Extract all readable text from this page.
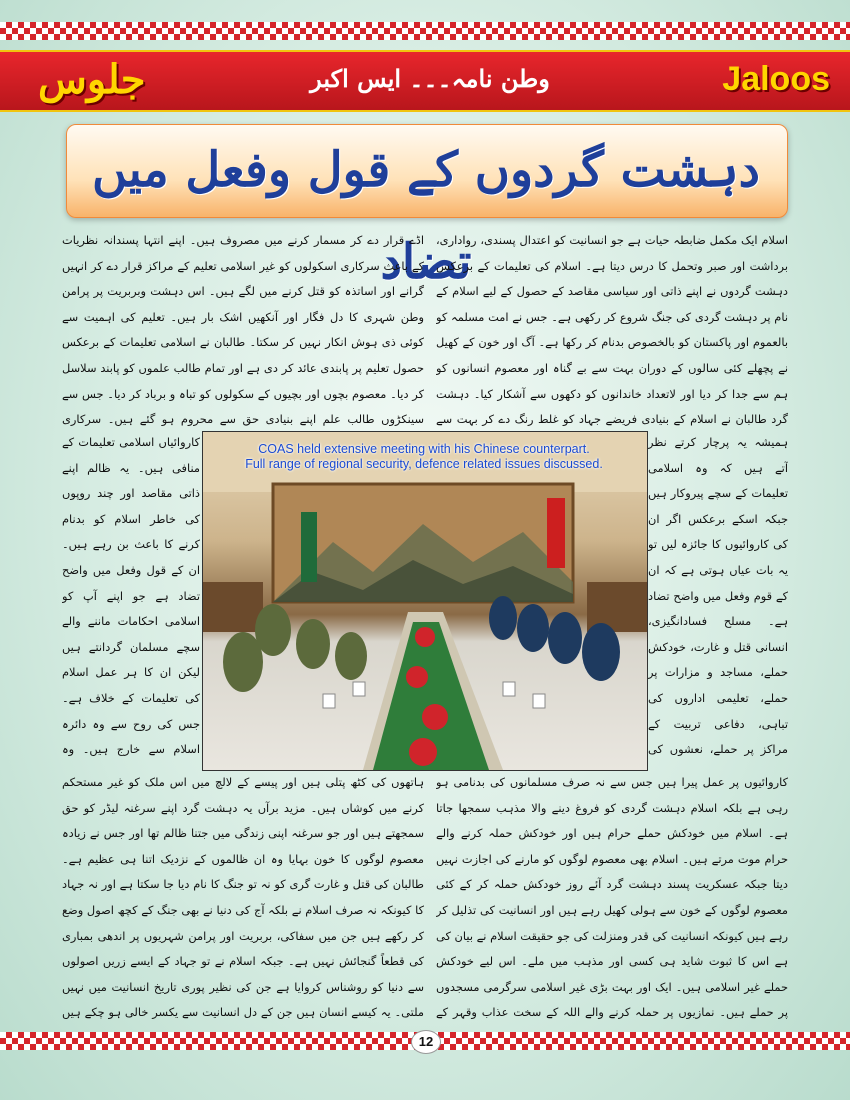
جلوس	وطن نامہ۔۔۔ ایس اکبر	Jaloos
دہشت گردوں کے قول وفعل میں تضاد	اسلام ایک مکمل ضابطہ حیات ہے جو انسانیت کو اعتدال پسندی، رواداری، برداشت اور صبر وتحمل کا درس دیتا ہے۔ اسلام کی تعلیمات کے برعکس دہشت گردوں نے اپنے ذاتی اور سیاسی مقاصد کے حصول کے لیے اسلام کے نام پر دہشت گردی کی جنگ شروع کر رکھی ہے۔ جس نے امت مسلمہ کو بالعموم اور پاکستان کو بالخصوص بدنام کر رکھا ہے۔ آگ اور خون کے کھیل نے پچھلے کئی سالوں کے دوران بہت سے بے گناہ اور معصوم انسانوں کو ہم سے جدا کر دیا اور لاتعداد خاندانوں کو دکھوں سے آشکار کیا۔ دہشت گرد طالبان نے اسلام کے بنیادی فریضے جہاد کو غلط رنگ دے کر بہت سے

ہمیشہ یہ پرچار کرتے نظر آتے ہیں کہ وہ اسلامی تعلیمات کے سچے پیروکار ہیں جبکہ اسکے برعکس اگر ان کی کاروائیوں کا جائزہ لیں تو یہ بات عیاں ہوتی ہے کہ ان کے قوم وفعل میں واضح تضاد ہے۔ مسلح فسادانگیزی، انسانی قتل و غارت، خودکش حملے، مساجد و مزارات پر حملے، تعلیمی اداروں کی تباہی، دفاعی تربیت کے مراکز پر حملے، نعشوں کی

کاروائیوں پر عمل پیرا ہیں جس سے نہ صرف مسلمانوں کی بدنامی ہو رہی ہے بلکہ اسلام دہشت گردی کو فروغ دینے والا مذہب سمجھا جاتا ہے۔ اسلام میں خودکش حملے حرام ہیں اور خودکش حملہ کرنے والے حرام موت مرتے ہیں۔ اسلام بھی معصوم لوگوں کو مارنے کی اجازت نہیں دیتا جبکہ عسکریت پسند دہشت گرد آئے روز خودکش حملہ کر کے کئی معصوم لوگوں کے خون سے ہولی کھیل رہے ہیں اور انسانیت کی تذلیل کر رہے ہیں کیونکہ انسانیت کی قدر ومنزلت کی جو حقیقت اسلام نے بیان کی ہے اس کا ثبوت شاید ہی کسی اور مذہب میں ملے۔ اس لیے خودکش حملے غیر اسلامی ہیں۔ ایک اور بہت بڑی غیر اسلامی سرگرمی مسجدوں پر حملے ہیں۔ نمازیوں پر حملہ کرنے والے اللہ کے سخت عذاب وقہر کے

اڈے قرار دے کر مسمار کرنے میں مصروف ہیں۔ اپنے انتہا پسندانہ نظریات کے باعث سرکاری اسکولوں کو غیر اسلامی تعلیم کے مراکز قرار دے کر انہیں گرانے اور اساتذہ کو قتل کرنے میں لگے ہیں۔ اس دہشت وبربریت پر پرامن وطن شہری کا دل فگار اور آنکھیں اشک بار ہیں۔ تعلیم کی اہمیت سے کوئی ذی ہوش انکار نہیں کر سکتا۔ طالبان نے اسلامی تعلیمات کے برعکس حصول تعلیم پر پابندی عائد کر دی ہے اور تمام طالب علموں کو پابند سلاسل کر دیا۔ معصوم بچوں اور بچیوں کے سکولوں کو تباہ و برباد کر دیا۔ جس سے سینکڑوں طالب علم اپنے بنیادی حق سے محروم ہو گئے ہیں۔ سرکاری

کاروائیاں اسلامی تعلیمات کے منافی ہیں۔ یہ ظالم اپنے ذاتی مقاصد اور چند روپوں کی خاطر اسلام کو بدنام کرنے کا باعث بن رہے ہیں۔ ان کے قول وفعل میں واضح تضاد ہے جو اپنے آپ کو اسلامی احکامات ماننے والے سچے مسلمان گردانتے ہیں لیکن ان کا ہر عمل اسلام کی تعلیمات کے خلاف ہے۔ جس کی روح سے وہ دائرہ اسلام سے خارج ہیں۔ وہ

ہاتھوں کی کٹھ پتلی ہیں اور پیسے کے لالچ میں اس ملک کو غیر مستحکم کرنے میں کوشاں ہیں۔ مزید برآں یہ دہشت گرد اپنے سرغنہ لیڈر کو حق سمجھتے ہیں اور جو سرغنہ اپنی زندگی میں جتنا ظالم تھا اور جس نے زیادہ معصوم لوگوں کا خون بہایا وہ ان ظالموں کے نزدیک اتنا ہی عظیم ہے۔ طالبان کی قتل و غارت گری کو نہ تو جنگ کا نام دیا جا سکتا ہے اور نہ جہاد کا کیونکہ نہ صرف اسلام نے بلکہ آج کی دنیا نے بھی جنگ کے کچھ اصول وضع کر رکھے ہیں جن میں سفاکی، بربریت اور پرامن شہریوں پر اندھی بمباری کی قطعاً گنجائش نہیں ہے۔ جبکہ اسلام نے تو جہاد کے ایسے زریں اصولوں سے دنیا کو روشناس کروایا ہے جن کی نظیر پوری تاریخ انسانیت میں نہیں ملتی۔ یہ کیسے انسان ہیں جن کے دل انسانیت سے یکسر خالی ہو چکے ہیں

COAS held extensive meeting with his Chinese counterpart.
Full range of regional security, defence related issues discussed.
12
